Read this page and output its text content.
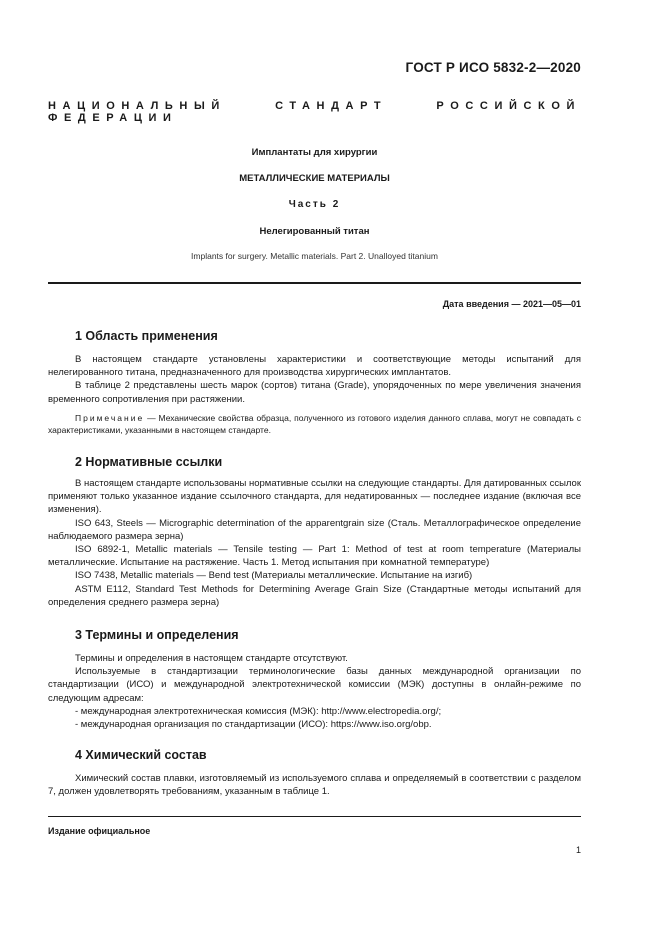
ГОСТ Р ИСО 5832-2—2020
НАЦИОНАЛЬНЫЙ СТАНДАРТ РОССИЙСКОЙ ФЕДЕРАЦИИ
Имплантаты для хирургии
МЕТАЛЛИЧЕСКИЕ МАТЕРИАЛЫ
Часть 2
Нелегированный титан
Implants for surgery. Metallic materials. Part 2. Unalloyed titanium
Дата введения — 2021—05—01
1 Область применения

В настоящем стандарте установлены характеристики и соответствующие методы испытаний для нелегированного титана, предназначенного для производства хирургических имплантатов.

В таблице 2 представлены шесть марок (сортов) титана (Grade), упорядоченных по мере увеличения значения временного сопротивления при растяжении.

Примечание — Механические свойства образца, полученного из готового изделия данного сплава, могут не совпадать с характеристиками, указанными в настоящем стандарте.

2 Нормативные ссылки

В настоящем стандарте использованы нормативные ссылки на следующие стандарты. Для датированных ссылок применяют только указанное издание ссылочного стандарта, для недатированных — последнее издание (включая все изменения).

ISO 643, Steels — Micrographic determination of the apparentgrain size (Сталь. Металлографическое определение наблюдаемого размера зерна)

ISO 6892-1, Metallic materials — Tensile testing — Part 1: Method of test at room temperature (Материалы металлические. Испытание на растяжение. Часть 1. Метод испытания при комнатной температуре)

ISO 7438, Metallic materials — Bend test (Материалы металлические. Испытание на изгиб)

ASTM E112, Standard Test Methods for Determining Average Grain Size (Стандартные методы испытаний для определения среднего размера зерна)

3 Термины и определения

Термины и определения в настоящем стандарте отсутствуют.

Используемые в стандартизации терминологические базы данных международной организации по стандартизации (ИСО) и международной электротехнической комиссии (МЭК) доступны в онлайн-режиме по следующим адресам:

- международная электротехническая комиссия (МЭК): http://www.electropedia.org/;

- международная организация по стандартизации (ИСО): https://www.iso.org/obp.

4 Химический состав

Химический состав плавки, изготовляемый из используемого сплава и определяемый в соответствии с разделом 7, должен удовлетворять требованиям, указанным в таблице 1.

Издание официальное
1
